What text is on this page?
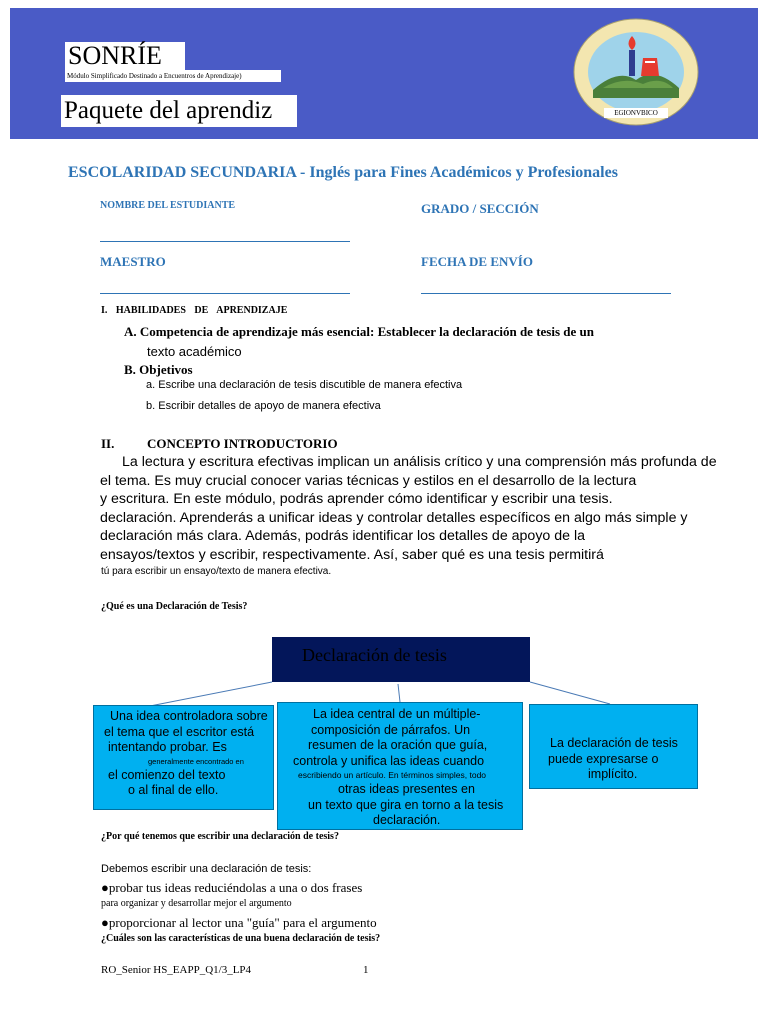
SONRÍE
Módulo Simplificado Destinado a Encuentros de Aprendizaje)
Paquete del aprendiz	EGIONVBICO
ESCOLARIDAD SECUNDARIA - Inglés para Fines Académicos y Profesionales
NOMBRE DEL ESTUDIANTE	GRADO / SECCIÓN
MAESTRO	FECHA DE ENVÍO
I. HABILIDADES DE APRENDIZAJE
A. Competencia de aprendizaje más esencial: Establecer la declaración de tesis de un
texto académico
B. Objetivos
a. Escribe una declaración de tesis discutible de manera efectiva
b. Escribir detalles de apoyo de manera efectiva
II.	CONCEPTO INTRODUCTORIO
La lectura y escritura efectivas implican un análisis crítico y una comprensión más profunda de
el tema. Es muy crucial conocer varias técnicas y estilos en el desarrollo de la lectura
y escritura. En este módulo, podrás aprender cómo identificar y escribir una tesis.
declaración. Aprenderás a unificar ideas y controlar detalles específicos en algo más simple y
declaración más clara. Además, podrás identificar los detalles de apoyo de la
ensayos/textos y escribir, respectivamente. Así, saber qué es una tesis permitirá
tú para escribir un ensayo/texto de manera efectiva.
¿Qué es una Declaración de Tesis?
Declaración de tesis
Una idea controladora sobre
el tema que el escritor está
intentando probar. Es
generalmente encontrado en
el comienzo del texto
o al final de ello.
La idea central de un múltiple-
composición de párrafos. Un
resumen de la oración que guía,
controla y unifica las ideas cuando
escribiendo un artículo. En términos simples, todo
otras ideas presentes en
un texto que gira en torno a la tesis
declaración.
La declaración de tesis
puede expresarse o
implícito.
¿Por qué tenemos que escribir una declaración de tesis?
Debemos escribir una declaración de tesis:
●probar tus ideas reduciéndolas a una o dos frases
para organizar y desarrollar mejor el argumento
●proporcionar al lector una "guía" para el argumento
¿Cuáles son las características de una buena declaración de tesis?
RO_Senior HS_EAPP_Q1/3_LP4	1
